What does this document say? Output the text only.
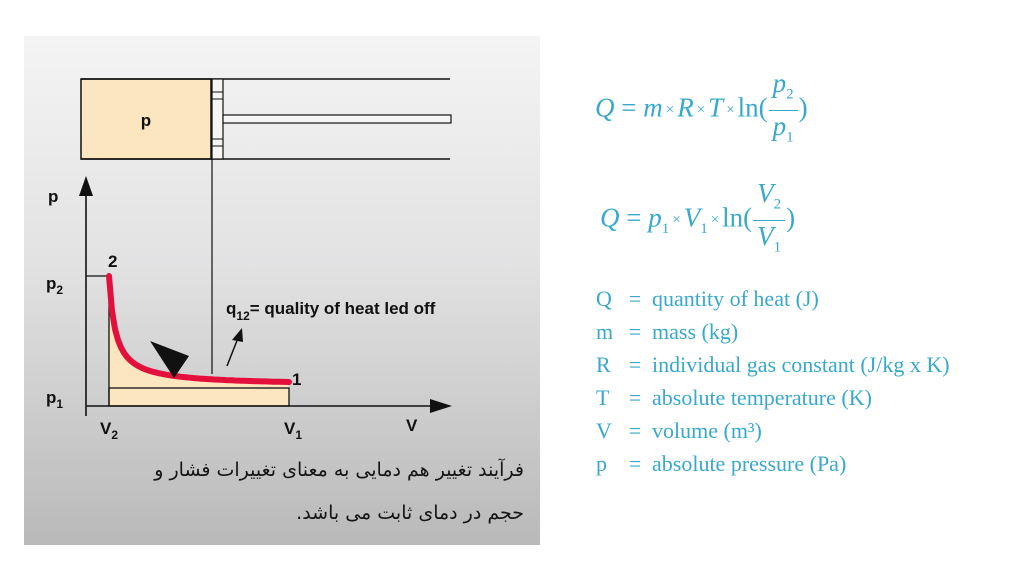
p
p
$p_2$
$p_1$
2
1
$V_2$	$V_1$	V
$q_{12}=$ quality of heat led off
فرآیند تغییر هم دمایی به معنای تغییرات فشار و
حجم در دمای ثابت می باشد.
$Q = m \times R \times T \times \ln( \frac{p_2}{p_1}$ )
$Q = p_1\times V_1\times \ln( \frac{V_2}{V_1}$ )
Q = quantity of heat (J)
m = mass (kg)
R = individual gas constant (J/kg x K)
T = absolute temperature (K)
V = volume (m³)
p = absolute pressure (Pa)
